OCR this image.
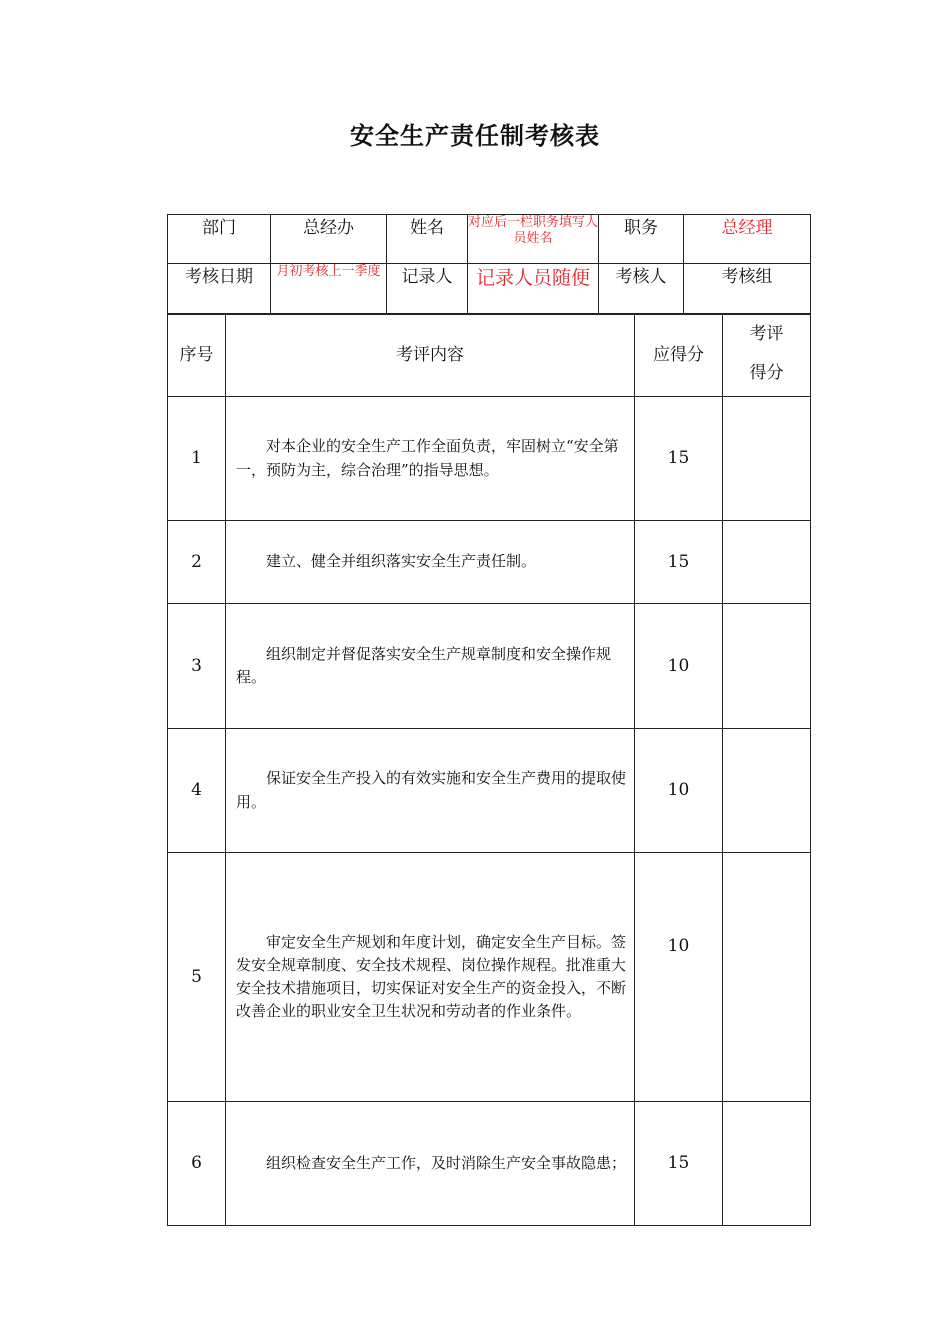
安全生产责任制考核表
部门	总经办	姓名	对应后一栏职务填写人员姓名	职务	总经理
考核日期	月初考核上一季度	记录人	记录人员随便	考核人	考核组
序号	考评内容	应得分	考评
得分
1	对本企业的安全生产工作全面负责，牢固树立“安全第一，预防为主，综合治理”的指导思想。	15	
2	建立、健全并组织落实安全生产责任制。	15	
3	组织制定并督促落实安全生产规章制度和安全操作规程。	10	
4	保证安全生产投入的有效实施和安全生产费用的提取使用。	10	
5	审定安全生产规划和年度计划，确定安全生产目标。签发安全规章制度、安全技术规程、岗位操作规程。批准重大安全技术措施项目，切实保证对安全生产的资金投入，不断改善企业的职业安全卫生状况和劳动者的作业条件。	10	
6	组织检查安全生产工作，及时消除生产安全事故隐患；	15	
